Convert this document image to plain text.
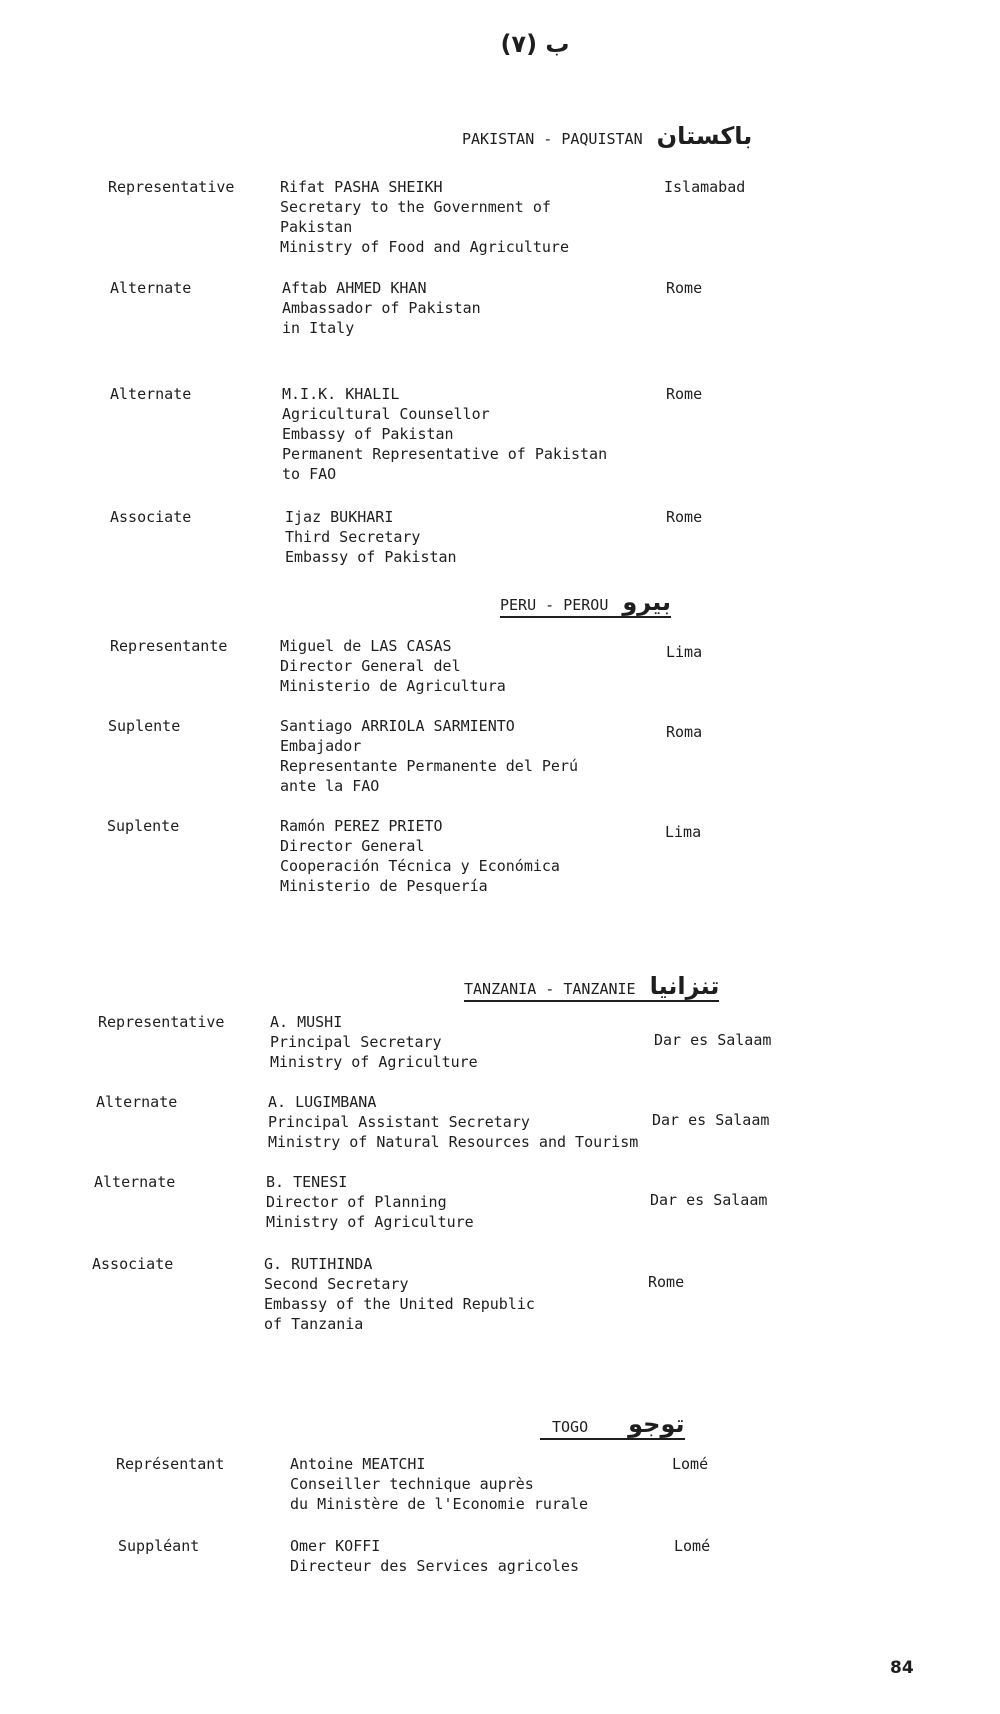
ب (٧)
PAKISTAN - PAQUISTAN باكستان
Representative	Rifat PASHA SHEIKH
Secretary to the Government of
Pakistan
Ministry of Food and Agriculture
Islamabad
Alternate	Aftab AHMED KHAN
Ambassador of Pakistan
in Italy
Rome
Alternate	M.I.K. KHALIL
Agricultural Counsellor
Embassy of Pakistan
Permanent Representative of Pakistan
to FAO
Rome
Associate	Ijaz BUKHARI
Third Secretary
Embassy of Pakistan
Rome
PERU - PEROU بيرو
Representante	Miguel de LAS CASAS
Director General del
Ministerio de Agricultura
Lima
Suplente	Santiago ARRIOLA SARMIENTO
Embajador
Representante Permanente del Perú
ante la FAO
Roma
Suplente	Ramón PEREZ PRIETO
Director General
Cooperación Técnica y Económica
Ministerio de Pesquería
Lima
TANZANIA - TANZANIE تنزانيا
Representative	A. MUSHI
Principal Secretary
Ministry of Agriculture
Dar es Salaam
Alternate	A. LUGIMBANA
Principal Assistant Secretary
Ministry of Natural Resources and Tourism
Dar es Salaam
Alternate	B. TENESI
Director of Planning
Ministry of Agriculture
Dar es Salaam
Associate	G. RUTIHINDA
Second Secretary
Embassy of the United Republic
of Tanzania
Rome
TOGO توجو
Représentant	Antoine MEATCHI
Conseiller technique auprès
du Ministère de l'Economie rurale
Lomé
Suppléant	Omer KOFFI
Directeur des Services agricoles
Lomé
84
